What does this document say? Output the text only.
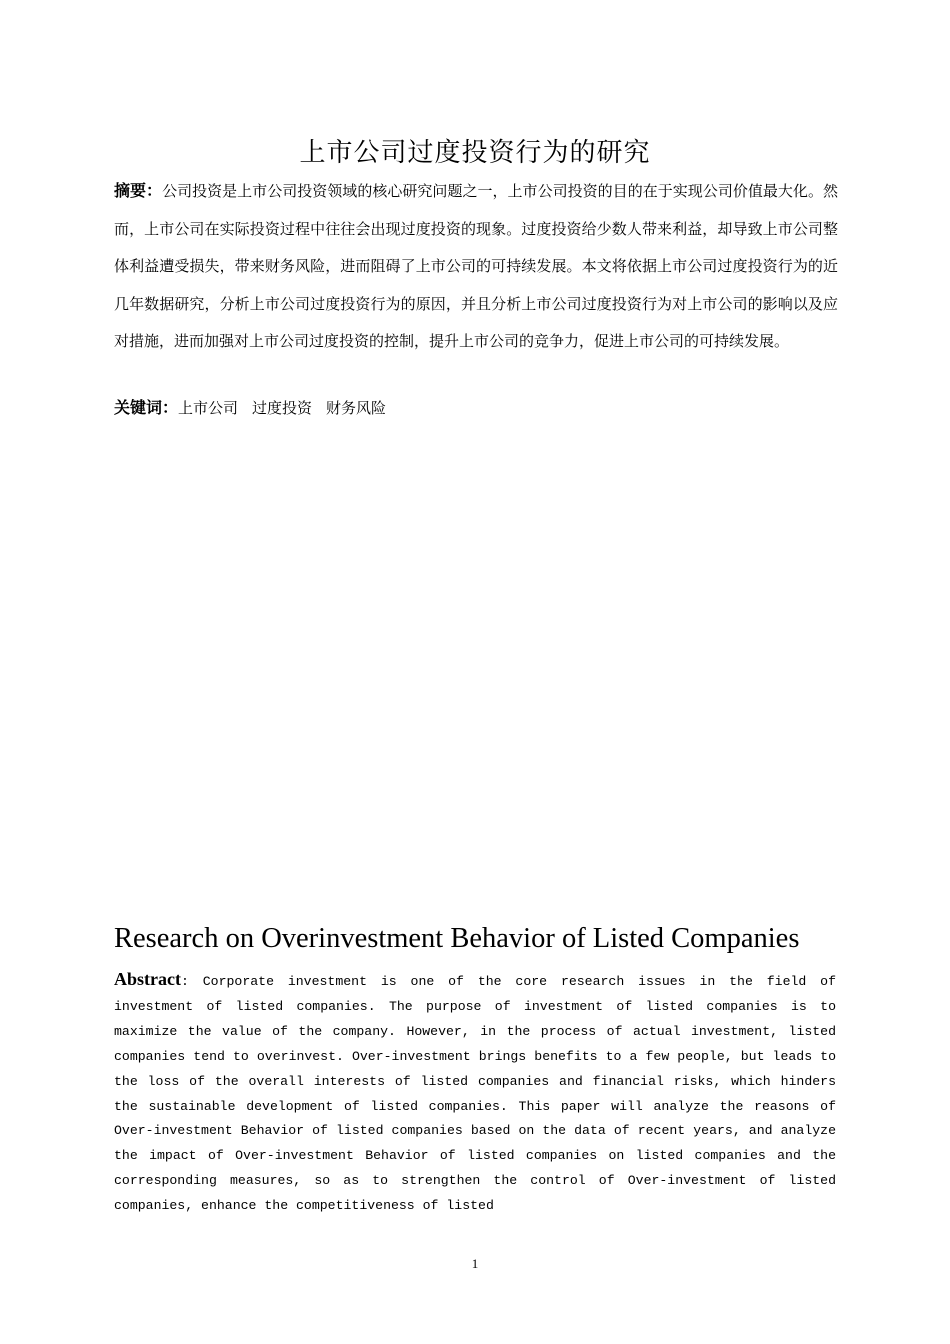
上市公司过度投资行为的研究
摘要：公司投资是上市公司投资领域的核心研究问题之一，上市公司投资的目的在于实现公司价值最大化。然而，上市公司在实际投资过程中往往会出现过度投资的现象。过度投资给少数人带来利益，却导致上市公司整体利益遭受损失，带来财务风险，进而阻碍了上市公司的可持续发展。本文将依据上市公司过度投资行为的近几年数据研究，分析上市公司过度投资行为的原因，并且分析上市公司过度投资行为对上市公司的影响以及应对措施，进而加强对上市公司过度投资的控制，提升上市公司的竞争力，促进上市公司的可持续发展。
关键词：上市公司 过度投资 财务风险
Research on Overinvestment Behavior of Listed Companies
Abstract: Corporate investment is one of the core research issues in the field of investment of listed companies. The purpose of investment of listed companies is to maximize the value of the company. However, in the process of actual investment, listed companies tend to overinvest. Over-investment brings benefits to a few people, but leads to the loss of the overall interests of listed companies and financial risks, which hinders the sustainable development of listed companies. This paper will analyze the reasons of Over-investment Behavior of listed companies based on the data of recent years, and analyze the impact of Over-investment Behavior of listed companies on listed companies and the corresponding measures, so as to strengthen the control of Over-investment of listed companies, enhance the competitiveness of listed
1
